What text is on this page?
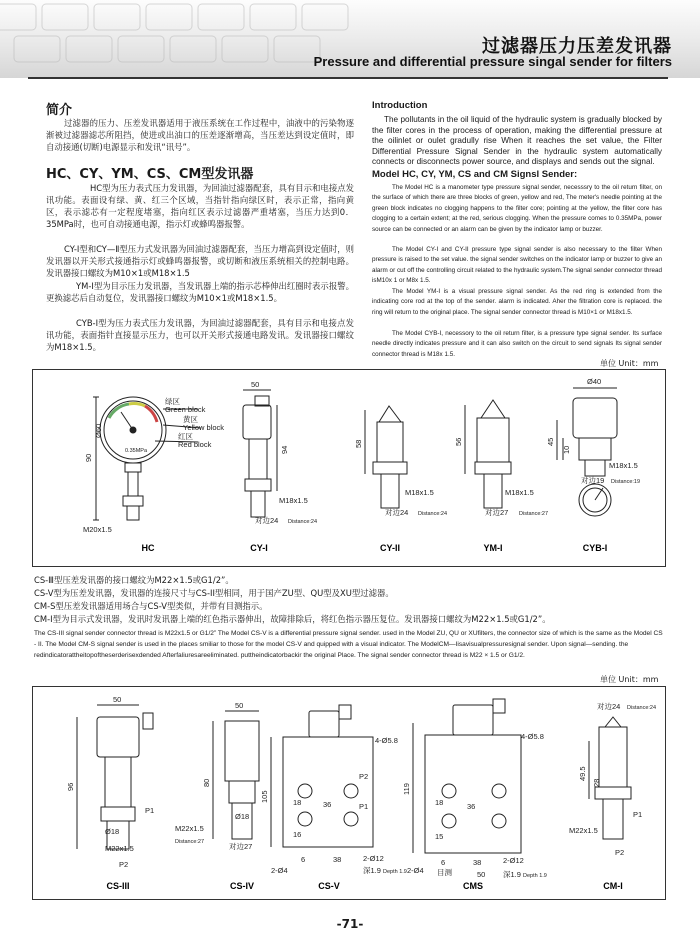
过滤器压力压差发讯器
Pressure and differential pressure singal sender for filters
简介
过滤器的压力、压差发讯器适用于液压系统在工作过程中，油液中的污染物逐渐被过滤器滤芯所阻挡，使进或出油口的压差逐渐增高，当压差达到设定值时，即自动接通(切断)电源显示和发讯“讯号”。
HC、CY、YM、CS、CM型发讯器
HC型为压力表式压力发讯器，为回油过滤器配套，具有目示和电接点发讯功能。表面设有绿、黄、红三个区域，当指针指向绿区时，表示正常，指向黄区，表示滤芯有一定程度堵塞，指向红区表示过滤器严重堵塞，当压力达到0．35MPa时，也可自动接通电源，指示灯或蜂鸣器报警。
CY-I型和CY—Ⅱ型压力式发讯器为回油过滤器配套，当压力增高到设定值时，则发讯器以开关形式接通指示灯或蜂鸣器报警，或切断和液压系统相关的控制电路。发讯器接口螺纹为M10×1或M18×1.5
YM-I型为目示压力发讯器，当发讯器上端的指示芯棒伸出红圈时表示报警。更换滤芯后自动复位，发讯器接口螺纹为M10×1或M18×1.5。
CYB-I型为压力表式压力发讯器，为回油过滤器配套，具有目示和电接点发讯功能，表面指针直接显示压力，也可以开关形式接通电路发讯。发讯器接口螺纹为M18×1.5。
Introduction
The pollutants in the oil liquid of the hydraulic system is gradually blocked by the filter cores in the process of operation, making the differential pressure at the oilinlet or oulet gradully rise When it reaches the set value, the Filter Differential Pressure Signal Sender in the hydraulic system automatically connects or disconnects power source, and displays and sends out the signal.
Model HC, CY, YM, CS and CM Signsl Sender:
The Model HC is a manometer type pressure signal sender, necesssry to the oil return filter, on the surface of which there are three blocks of green, yellow and red, The meter's needle pointing at the green block indicates no clogging happens to the filter core; pointing at the yellow, the filter core has clogging to a certain extent; at the red, serious clogging. When the pressure comes to 0.35MPa, power source can be connected or an alarm can be given by the indicator lamp or buzzer.
The Model CY-I and CY-II pressure type signal sender is also necessary to the filter When pressure is raised to the set value. the signal sender switches on the indicator lamp or buzzer to give an alarm or cut off the controlling circuit related to the hydraulic system.The signal sender connector thread isM10x 1 or M8x 1.5.
The Model YM-I is a visual pressure signal sender. As the red ring is extended from the indicating core rod at the top of the sender. alarm is indicated. Aher the filtration core is replaced. the ring will return to the original place. The signal sender connector thread is M10×1 or M18x1.5.
The Model CYB-I, necessory to the oil return filter, is a pressure type signal sender. Its surface needle directly indicates pressure and it can also switch on the circuit to send signals Its signal sender connector thread is M18x 1.5.
单位 Unit：mm
HC	CY-I	CY-II	YM-I	CYB-I
绿区
Green block
黄区
Yellow block
红区
Red block
0.35MPa
Ø60
90
M20x1.5
50
94
M18x1.5
对边24 Distance:24
58
M18x1.5
对边24 Distance:24
56
M18x1.5
对边27 Distance:27
Ø40
45
10
M18x1.5
对边19 Distance:19
CS-Ⅲ型压差发讯器的接口螺纹为M22×1.5或G1/2”。
CS-V型为压差发讯器，发讯器的连接尺寸与CS-II型相同，用于国产ZU型、QU型及XU型过滤器。
CM-S型压差发讯器适用场合与CS-V型类似，并带有目测指示。
CM-I型为目示式发讯器，发讯时发讯器上端的红色指示器伸出，故障排除后，将红色指示器压复位。发讯器接口螺纹为M22×1.5或G1/2”。
The CS-III signal sender connector thread is M22x1.5 or G1/2” The Model CS-V is a differential pressure signal sender. used in the Model ZU, QU or XUfilters, the connector size of which is the same as the Model CS - II. The Model CM-S signal sender is used in the places smiliar to those for the model CS-V and quipped with a visual indicator. The ModelCM—Iisavisualpressuresignal sender. Upon signal—sending. the redindicatorattheitopoftheserderisexdended Afterfaliuresareeliminated. puttheindicatorbackir the original Place. The signal sender connector thread is M22 × 1.5 or G1/2.
单位 Unit：mm
CS-III	CS-IV	CS-V	CMS	CM-I
50
96
P1
Ø18
M22x1.5
P2
50
80
M22x1.5
Ø18
对边27
Distance:27
105
4-Ø5.8
P2
P1
18
16
36
6	38
2-Ø4
2-Ø12
深1.9 Depth 1.9
119
4-Ø5.8
18
15
36
6	38
2-Ø4
2-Ø12
50 深1.9 Depth 1.9
目测
对边24 Distance:24
49.5
28
M22x1.5
P1
P2
-71-
